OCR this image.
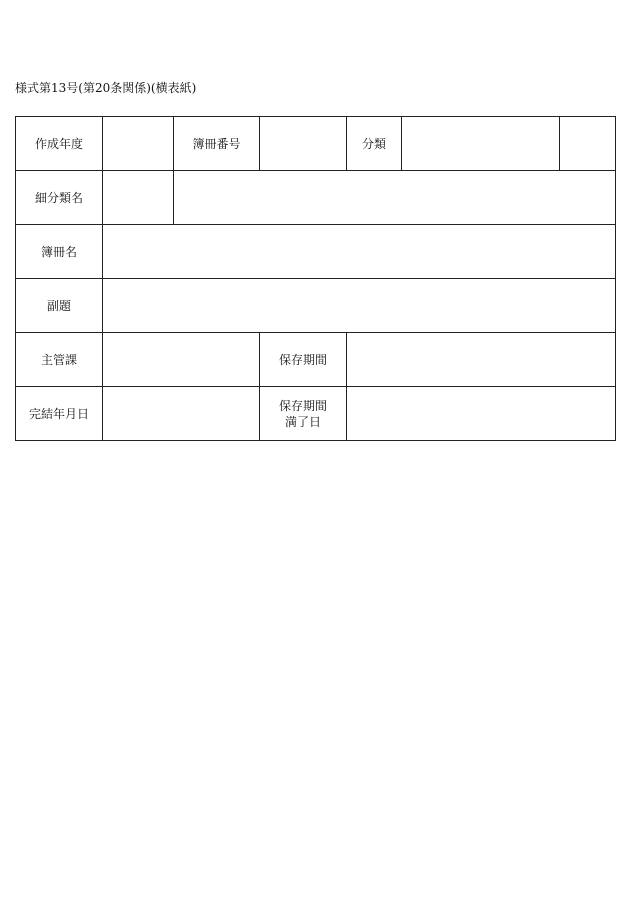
様式第13号(第20条関係)(横表紙)
作成年度		簿冊番号		分類		
細分類名						
簿冊名						
副題						
主管課			保存期間			
完結年月日			保存期間
満了日			
